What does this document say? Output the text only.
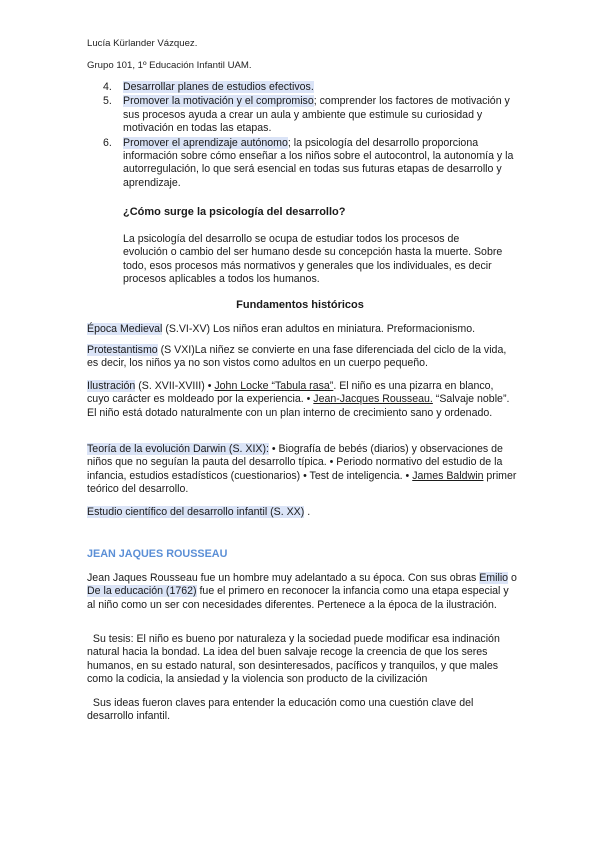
Lucía Kürlander Vázquez.
Grupo 101, 1º Educación Infantil UAM.
4. Desarrollar planes de estudios efectivos.
5. Promover la motivación y el compromiso; comprender los factores de motivación y sus procesos ayuda a crear un aula y ambiente que estimule su curiosidad y motivación en todas las etapas.
6. Promover el aprendizaje autónomo; la psicología del desarrollo proporciona información sobre cómo enseñar a los niños sobre el autocontrol, la autonomía y la autorregulación, lo que será esencial en todas sus futuras etapas de desarrollo y aprendizaje.
¿Cómo surge la psicología del desarrollo?
La psicología del desarrollo se ocupa de estudiar todos los procesos de evolución o cambio del ser humano desde su concepción hasta la muerte. Sobre todo, esos procesos más normativos y generales que los individuales, es decir procesos aplicables a todos los humanos.
Fundamentos históricos

Época Medieval (S.VI-XV) Los niños eran adultos en miniatura. Preformacionismo.

Protestantismo (S VXI)La niñez se convierte en una fase diferenciada del ciclo de la vida, es decir, los niños ya no son vistos como adultos en un cuerpo pequeño.

Ilustración (S. XVII-XVIII) • John Locke “Tabula rasa”. El niño es una pizarra en blanco, cuyo carácter es moldeado por la experiencia. • Jean-Jacques Rousseau. “Salvaje noble”. El niño está dotado naturalmente con un plan interno de crecimiento sano y ordenado.

Teoría de la evolución Darwin (S. XIX): • Biografía de bebés (diarios) y observaciones de niños que no seguían la pauta del desarrollo típica. • Periodo normativo del estudio de la infancia, estudios estadísticos (cuestionarios) • Test de inteligencia. • James Baldwin primer teórico del desarrollo.

Estudio científico del desarrollo infantil (S. XX) .

JEAN JAQUES ROUSSEAU

Jean Jaques Rousseau fue un hombre muy adelantado a su época. Con sus obras Emilio o De la educación (1762) fue el primero en reconocer la infancia como una etapa especial y al niño como un ser con necesidades diferentes. Pertenece a la época de la ilustración.

Su tesis: El niño es bueno por naturaleza y la sociedad puede modificar esa indinación natural hacia la bondad. La idea del buen salvaje recoge la creencia de que los seres humanos, en su estado natural, son desinteresados, pacíficos y tranquilos, y que males como la codicia, la ansiedad y la violencia son producto de la civilización

Sus ideas fueron claves para entender la educación como una cuestión clave del desarrollo infantil.
